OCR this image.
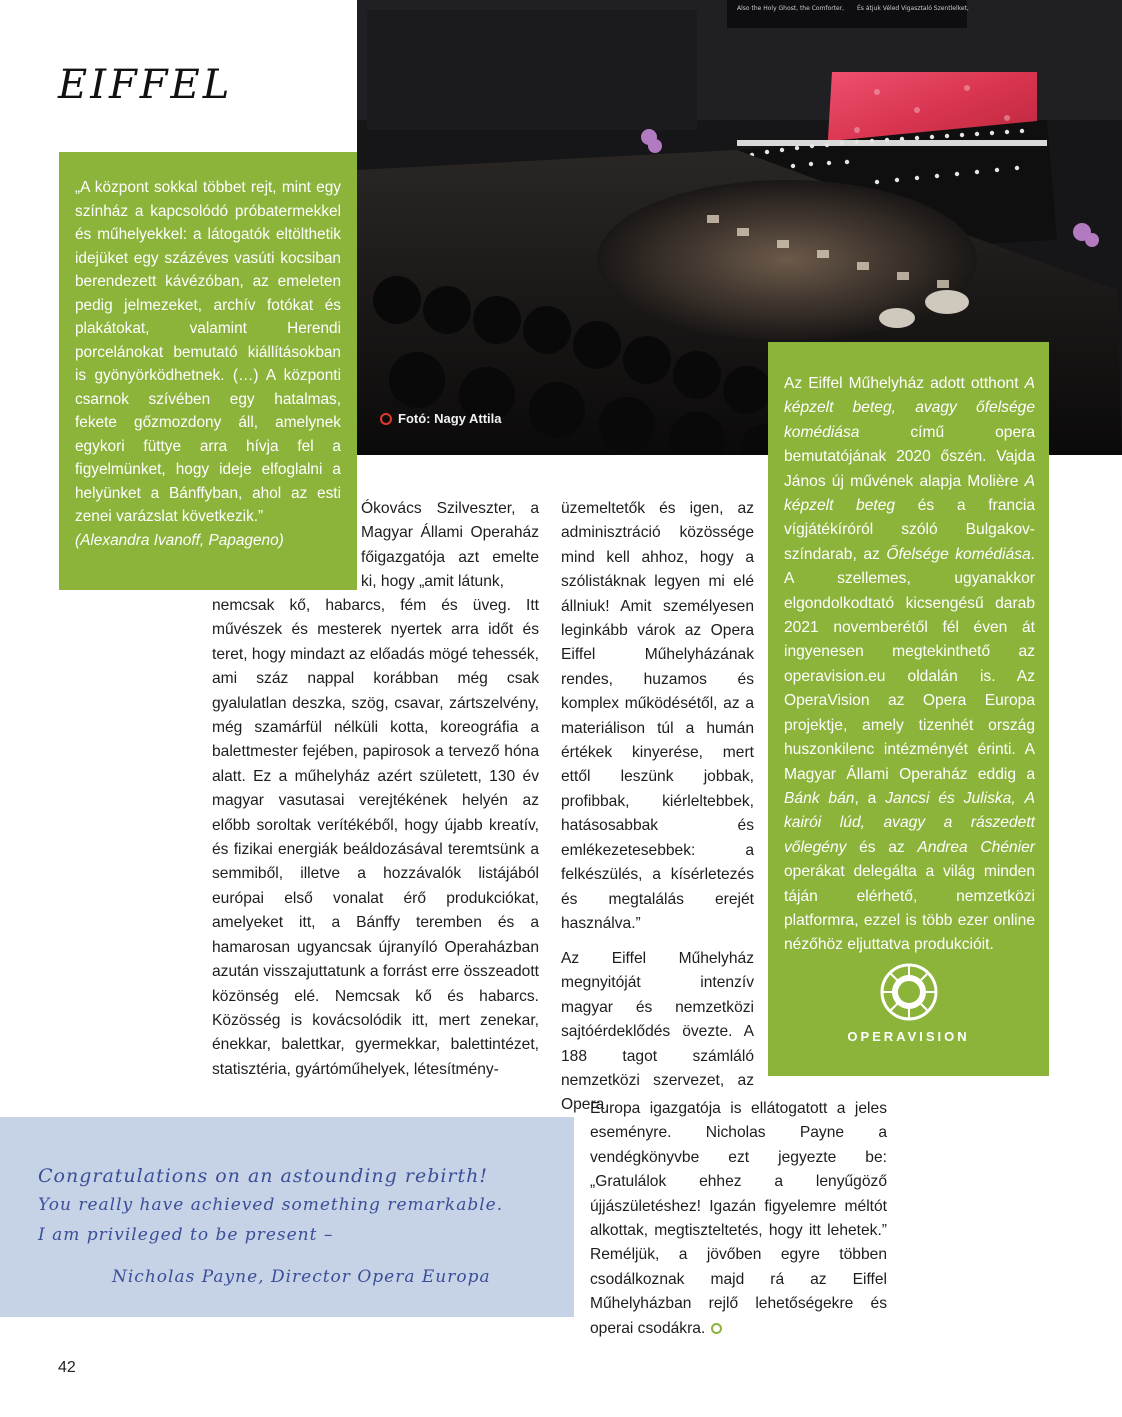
EIFFEL
Also the Holy Ghost, the Comforter, És átjuk Véled Vigasztaló Szentlelket,
Fotó: Nagy Attila
„A központ sokkal többet rejt, mint egy színház a kapcsolódó próbatermekkel és műhelyekkel: a látogatók eltölthetik idejüket egy százéves vasúti kocsiban berendezett kávézóban, az emeleten pedig jelmezeket, archív fotókat és plakátokat, valamint Herendi porcelánokat bemutató kiállításokban is gyönyörködhetnek. (…) A központi csarnok szívében egy hatalmas, fekete gőzmozdony áll, amelynek egykori füttye arra hívja fel a figyelmünket, hogy ideje elfoglalni a helyünket a Bánffyban, ahol az esti zenei varázslat következik.”
(Alexandra Ivanoff, Papageno)

Ókovács Szilveszter, a Magyar Állami Operaház főigazgatója azt emelte ki, hogy „amit látunk,

nemcsak kő, habarcs, fém és üveg. Itt művészek és mesterek nyertek arra időt és teret, hogy mindazt az előadás mögé tehessék, ami száz nappal korábban még csak gyalulatlan deszka, szög, csavar, zártszelvény, még szamárfül nélküli kotta, koreográfia a balettmester fejében, papirosok a tervező hóna alatt. Ez a műhelyház azért született, 130 év magyar vasutasai verejtékének helyén az előbb soroltak verítékéből, hogy újabb kreatív, és fizikai energiák beáldozásával teremtsünk a semmiből, illetve a hozzávalók listájából európai első vonalat érő produkciókat, amelyeket itt, a Bánffy teremben és a hamarosan ugyancsak újranyíló Operaházban azután visszajuttatunk a forrást erre összeadott közönség elé. Nemcsak kő és habarcs. Közösség is kovácsolódik itt, mert zenekar, énekkar, balettkar, gyermekkar, balettintézet, statisztéria, gyártóműhelyek, létesítmény-

üzemeltetők és igen, az adminisztráció közössége mind kell ahhoz, hogy a szólistáknak legyen mi elé állniuk! Amit személyesen leginkább várok az Opera Eiffel Műhelyházának rendes, huzamos és komplex működésétől, az a materiálison túl a humán értékek kinyerése, mert ettől leszünk jobbak, profibbak, kiérleltebbek, hatásosabbak és emlékezetesebbek: a felkészülés, a kísérletezés és megtalálás erejét használva.”

Az Eiffel Műhelyház megnyitóját intenzív magyar és nemzetközi sajtóérdeklődés övezte. A 188 tagot számláló nemzetközi szervezet, az Opera

Europa igazgatója is ellátogatott a jeles eseményre. Nicholas Payne a vendégkönyvbe ezt jegyezte be: „Gratulálok ehhez a lenyűgöző újjászületéshez! Igazán figyelemre méltót alkottak, megtiszteltetés, hogy itt lehetek.” Reméljük, a jövőben egyre többen csodálkoznak majd rá az Eiffel Műhelyházban rejlő lehetőségekre és operai csodákra.

Az Eiffel Műhelyház adott otthont A képzelt beteg, avagy őfelsége komédiása című opera bemutatójának 2020 őszén. Vajda János új művének alapja Molière A képzelt beteg és a francia vígjátékíróról szóló Bulgakov-színdarab, az Őfelsége komédiása. A szellemes, ugyanakkor elgondolkodtató kicsengésű darab 2021 novemberétől fél éven át ingyenesen megtekinthető az operavision.eu oldalán is. Az OperaVision az Opera Europa projektje, amely tizenhét ország huszonkilenc intézményét érinti. A Magyar Állami Operaház eddig a Bánk bán, a Jancsi és Juliska, A kairói lúd, avagy a rászedett vőlegény és az Andrea Chénier operákat delegálta a világ minden táján elérhető, nemzetközi platformra, ezzel is több ezer online nézőhöz eljuttatva produkcióit.
OPERAVISION
Congratulations on an astounding rebirth!
You really have achieved something remarkable.
I am privileged to be present –
Nicholas Payne, Director Opera Europa
42
